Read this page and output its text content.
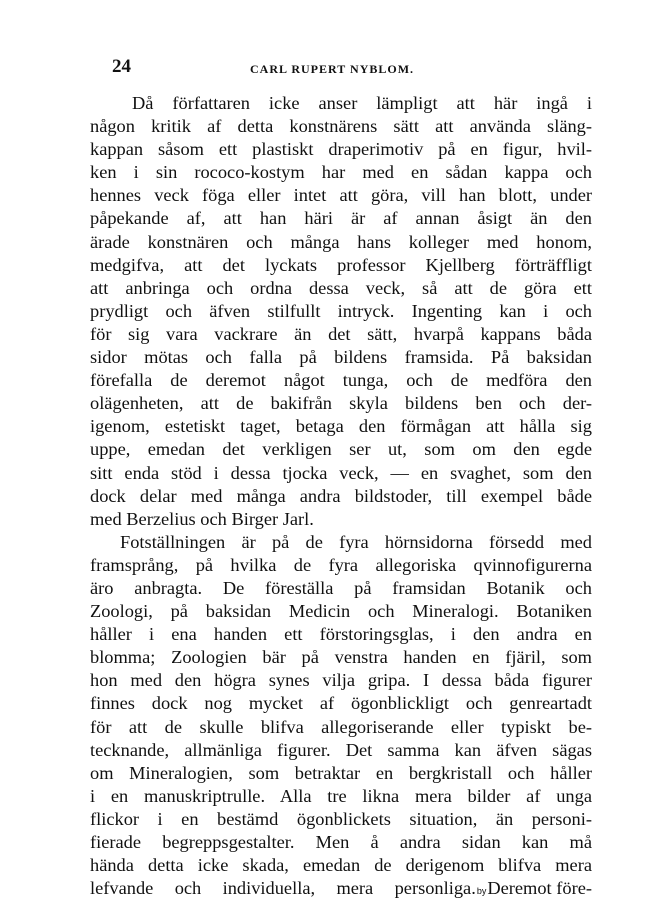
24	CARL RUPERT NYBLOM.
Då författaren icke anser lämpligt att här ingå i
någon kritik af detta konstnärens sätt att använda släng-
kappan såsom ett plastiskt draperimotiv på en figur, hvil-
ken i sin rococo-kostym har med en sådan kappa och
hennes veck föga eller intet att göra, vill han blott, under
påpekande af, att han häri är af annan åsigt än den
ärade konstnären och många hans kolleger med honom,
medgifva, att det lyckats professor Kjellberg förträffligt
att anbringa och ordna dessa veck, så att de göra ett
prydligt och äfven stilfullt intryck. Ingenting kan i och
för sig vara vackrare än det sätt, hvarpå kappans båda
sidor mötas och falla på bildens framsida. På baksidan
förefalla de deremot något tunga, och de medföra den
olägenheten, att de bakifrån skyla bildens ben och der-
igenom, estetiskt taget, betaga den förmågan att hålla sig
uppe, emedan det verkligen ser ut, som om den egde
sitt enda stöd i dessa tjocka veck, — en svaghet, som den
dock delar med många andra bildstoder, till exempel både
med Berzelius och Birger Jarl.
Fotställningen är på de fyra hörnsidorna försedd med
framsprång, på hvilka de fyra allegoriska qvinnofigurerna
äro anbragta. De föreställa på framsidan Botanik och
Zoologi, på baksidan Medicin och Mineralogi. Botaniken
håller i ena handen ett förstoringsglas, i den andra en
blomma; Zoologien bär på venstra handen en fjäril, som
hon med den högra synes vilja gripa. I dessa båda figurer
finnes dock nog mycket af ögonblickligt och genreartadt
för att de skulle blifva allegoriserande eller typiskt be-
tecknande, allmänliga figurer. Det samma kan äfven sägas
om Mineralogien, som betraktar en bergkristall och håller
i en manuskriptrulle. Alla tre likna mera bilder af unga
flickor i en bestämd ögonblickets situation, än personi-
fierade begreppsgestalter. Men å andra sidan kan må
hända detta icke skada, emedan de derigenom blifva mera
lefvande och individuella, mera personliga. by Deremot före-
